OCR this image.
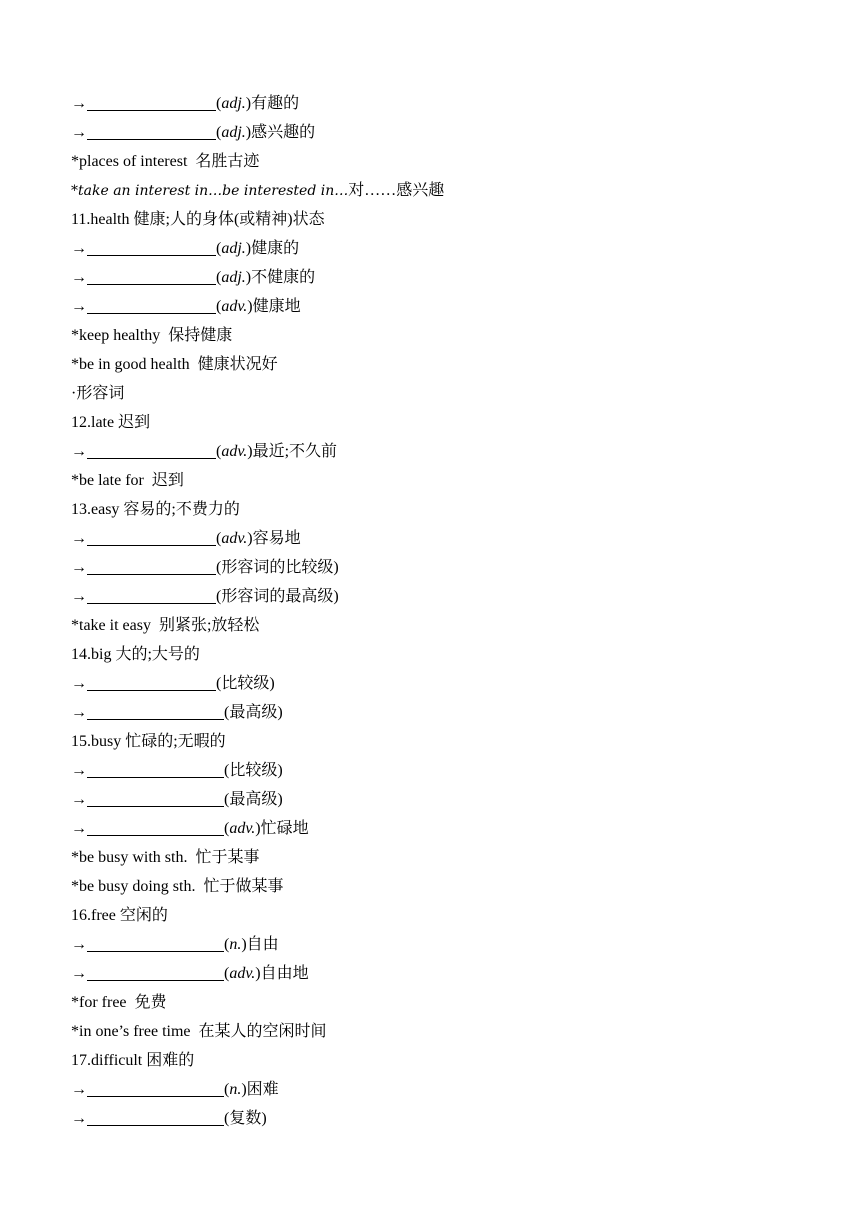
→	(adj.)有趣的
→	(adj.)感兴趣的
*places of interest  名胜古迹
*take an interest in…be interested in…对……感兴趣
11.health 健康;人的身体(或精神)状态
→	(adj.)健康的
→	(adj.)不健康的
→	(adv.)健康地
*keep healthy  保持健康
*be in good health  健康状况好
·形容词
12.late 迟到
→	(adv.)最近;不久前
*be late for  迟到
13.easy 容易的;不费力的
→	(adv.)容易地
→	(形容词的比较级)
→	(形容词的最高级)
*take it easy  别紧张;放轻松
14.big 大的;大号的
→	(比较级)
→	(最高级)
15.busy 忙碌的;无暇的
→	(比较级)
→	(最高级)
→	(adv.)忙碌地
*be busy with sth.  忙于某事
*be busy doing sth.  忙于做某事
16.free 空闲的
→	(n.)自由
→	(adv.)自由地
*for free  免费
*in one’s free time  在某人的空闲时间
17.difficult 困难的
→	(n.)困难
→	(复数)
